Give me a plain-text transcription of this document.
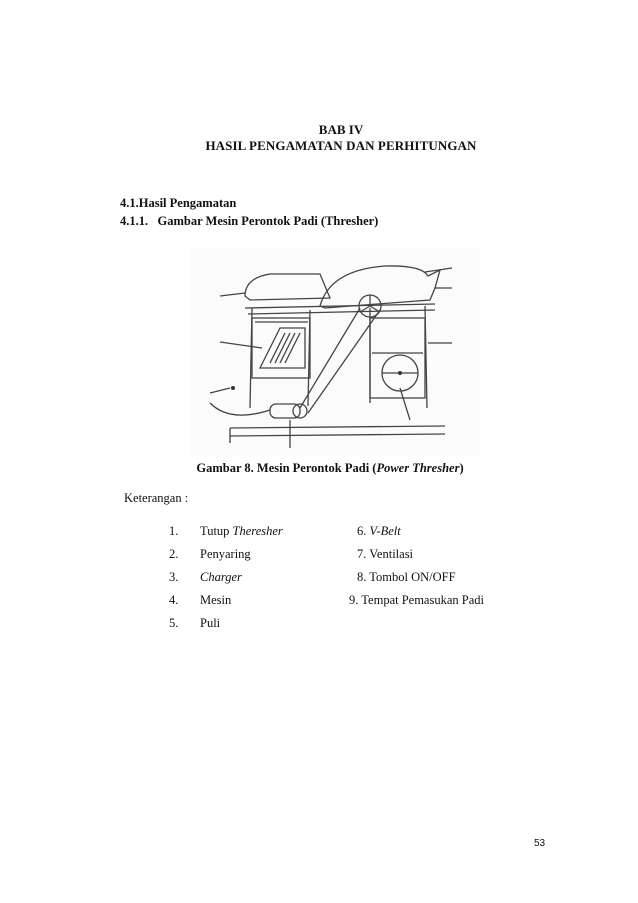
BAB IV
HASIL PENGAMATAN DAN PERHITUNGAN
4.1.Hasil Pengamatan
4.1.1.   Gambar Mesin Perontok Padi (Thresher)
Gambar 8. Mesin Perontok Padi (Power Thresher)
Keterangan :
1. Tutup Theresher
2. Penyaring
3. Charger
4. Mesin
5. Puli
6. V-Belt
7. Ventilasi
8. Tombol ON/OFF
9. Tempat Pemasukan Padi
53
